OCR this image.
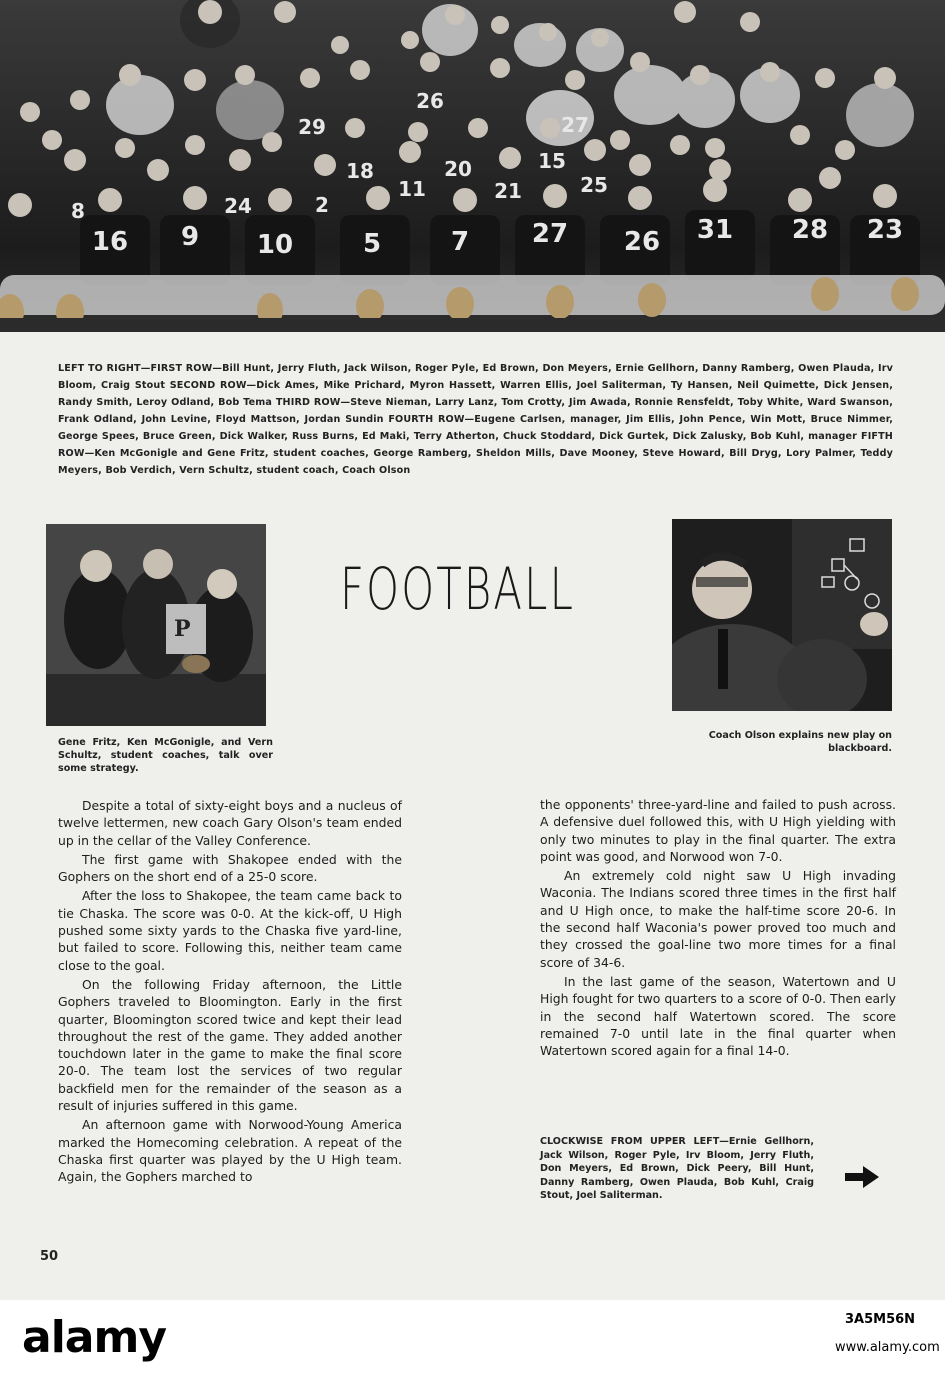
16 9 10	5	7 27 26 31 28 23
8	24	2
11	21	25
18	20	15
29
26
27
LEFT TO RIGHT—FIRST ROW—Bill Hunt, Jerry Fluth, Jack Wilson, Roger Pyle, Ed Brown, Don Meyers, Ernie Gellhorn, Danny Ramberg, Owen Plauda, Irv Bloom, Craig Stout SECOND ROW—Dick Ames, Mike Prichard, Myron Hassett, Warren Ellis, Joel Saliterman, Ty Hansen, Neil Quimette, Dick Jensen, Randy Smith, Leroy Odland, Bob Tema THIRD ROW—Steve Nieman, Larry Lanz, Tom Crotty, Jim Awada, Ronnie Rensfeldt, Toby White, Ward Swanson, Frank Odland, John Levine, Floyd Mattson, Jordan Sundin FOURTH ROW—Eugene Carlsen, manager, Jim Ellis, John Pence, Win Mott, Bruce Nimmer, George Spees, Bruce Green, Dick Walker, Russ Burns, Ed Maki, Terry Atherton, Chuck Stoddard, Dick Gurtek, Dick Zalusky, Bob Kuhl, manager FIFTH ROW—Ken McGonigle and Gene Fritz, student coaches, George Ramberg, Sheldon Mills, Dave Mooney, Steve Howard, Bill Dryg, Lory Palmer, Teddy Meyers, Bob Verdich, Vern Schultz, student coach, Coach Olson
P
FOOTBALL
Gene Fritz, Ken McGonigle, and Vern Schultz, student coaches, talk over some strategy.
Coach Olson explains new play on blackboard.

Despite a total of sixty-eight boys and a nucleus of twelve lettermen, new coach Gary Olson's team ended up in the cellar of the Valley Conference.

The first game with Shakopee ended with the Gophers on the short end of a 25-0 score.

After the loss to Shakopee, the team came back to tie Chaska. The score was 0-0. At the kick-off, U High pushed some sixty yards to the Chaska five yard-line, but failed to score. Following this, neither team came close to the goal.

On the following Friday afternoon, the Little Gophers traveled to Bloomington. Early in the first quarter, Bloomington scored twice and kept their lead throughout the rest of the game. They added another touchdown later in the game to make the final score 20-0. The team lost the services of two regular backfield men for the remainder of the season as a result of injuries suffered in this game.

An afternoon game with Norwood-Young America marked the Homecoming celebration. A repeat of the Chaska first quarter was played by the U High team. Again, the Gophers marched to

the opponents' three-yard-line and failed to push across. A defensive duel followed this, with U High yielding with only two minutes to play in the final quarter. The extra point was good, and Norwood won 7-0.

An extremely cold night saw U High invading Waconia. The Indians scored three times in the first half and U High once, to make the half-time score 20-6. In the second half Waconia's power proved too much and they crossed the goal-line two more times for a final score of 34-6.

In the last game of the season, Watertown and U High fought for two quarters to a score of 0-0. Then early in the second half Watertown scored. The score remained 7-0 until late in the final quarter when Watertown scored again for a final 14-0.

CLOCKWISE FROM UPPER LEFT—Ernie Gellhorn, Jack Wilson, Roger Pyle, Irv Bloom, Jerry Fluth, Don Meyers, Ed Brown, Dick Peery, Bill Hunt, Danny Ramberg, Owen Plauda, Bob Kuhl, Craig Stout, Joel Saliterman.
50
alamy	3A5M56N
www.alamy.com
